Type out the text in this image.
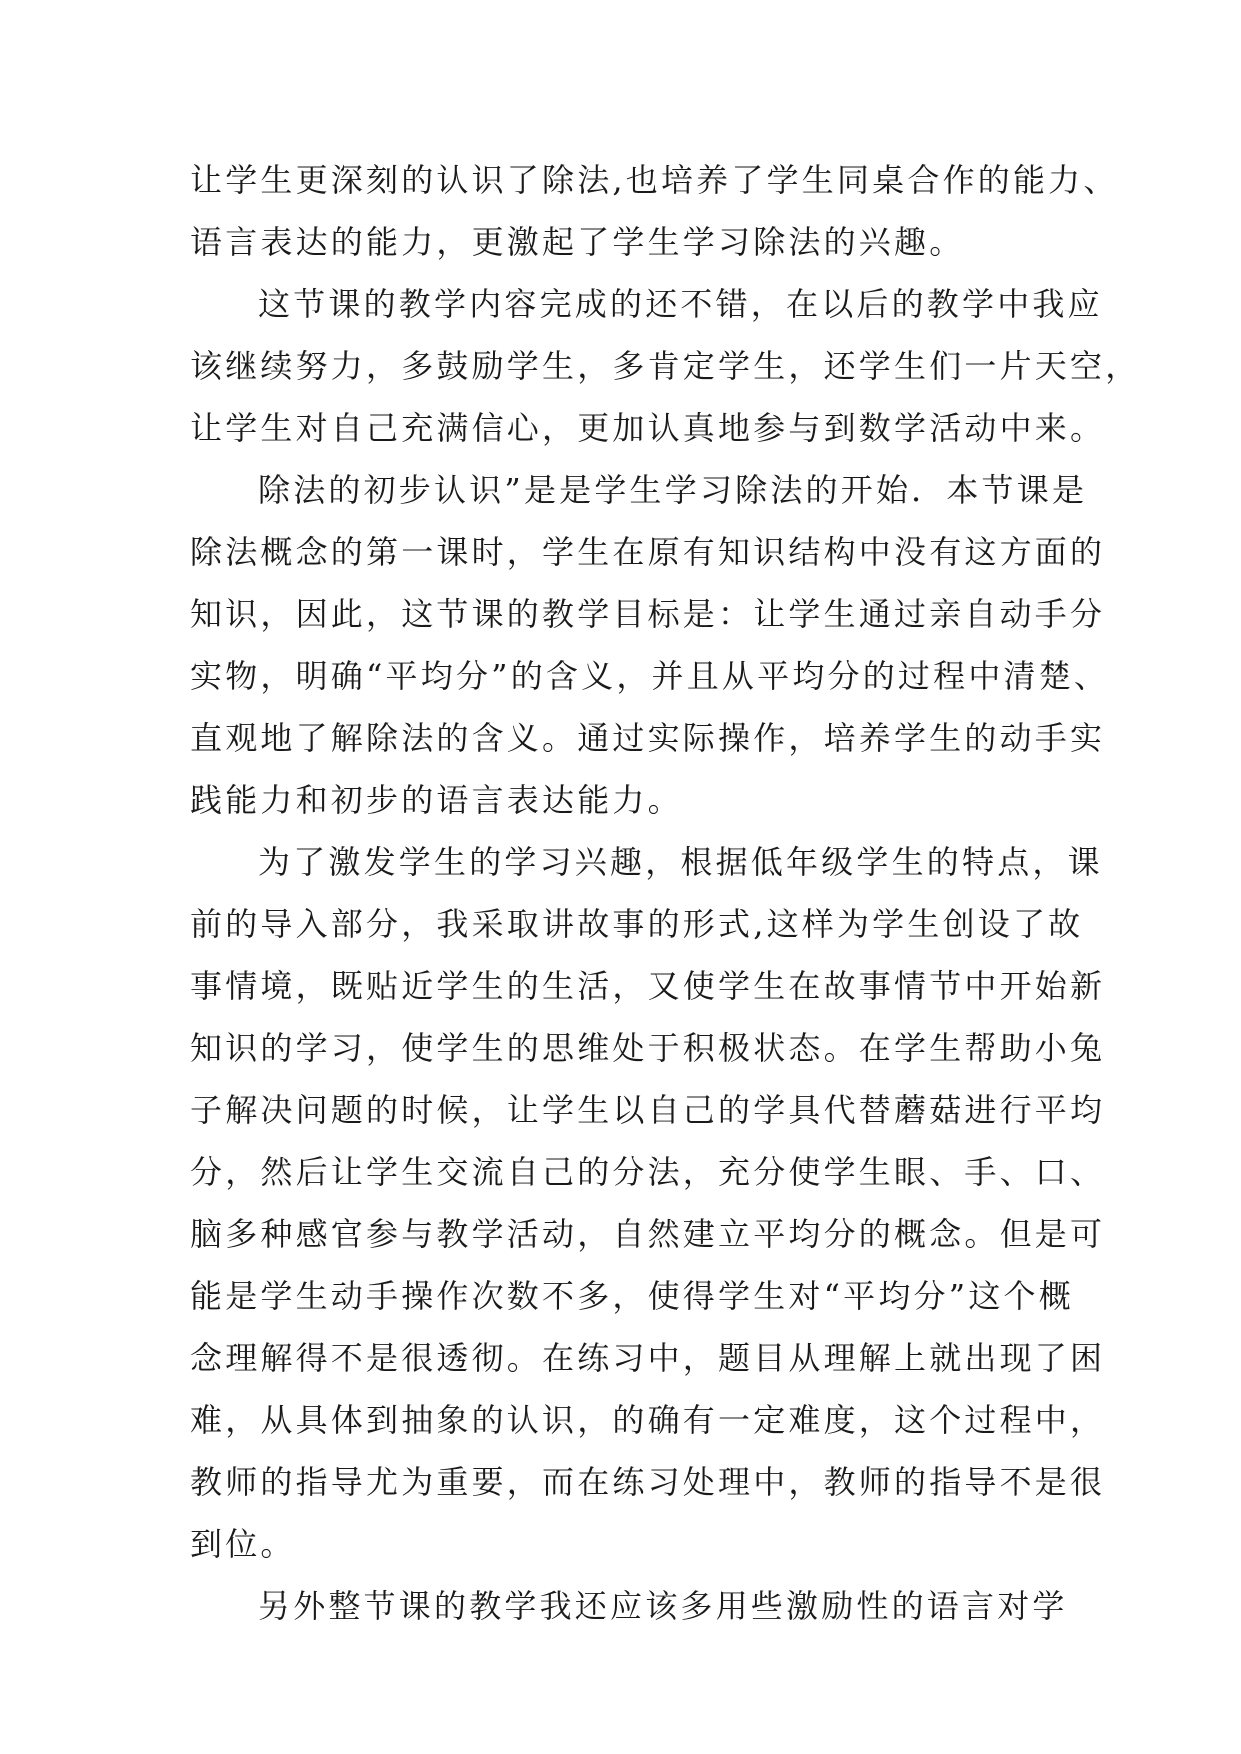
让学生更深刻的认识了除法,也培养了学生同桌合作的能力、
语言表达的能力，更激起了学生学习除法的兴趣。
这节课的教学内容完成的还不错，在以后的教学中我应
该继续努力，多鼓励学生，多肯定学生，还学生们一片天空，
让学生对自己充满信心，更加认真地参与到数学活动中来。
除法的初步认识”是是学生学习除法的开始．本节课是
除法概念的第一课时，学生在原有知识结构中没有这方面的
知识，因此，这节课的教学目标是：让学生通过亲自动手分
实物，明确“平均分”的含义，并且从平均分的过程中清楚、
直观地了解除法的含义。通过实际操作，培养学生的动手实
践能力和初步的语言表达能力。
为了激发学生的学习兴趣，根据低年级学生的特点，课
前的导入部分，我采取讲故事的形式,这样为学生创设了故
事情境，既贴近学生的生活，又使学生在故事情节中开始新
知识的学习，使学生的思维处于积极状态。在学生帮助小兔
子解决问题的时候，让学生以自己的学具代替蘑菇进行平均
分，然后让学生交流自己的分法，充分使学生眼、手、口、
脑多种感官参与教学活动，自然建立平均分的概念。但是可
能是学生动手操作次数不多，使得学生对“平均分”这个概
念理解得不是很透彻。在练习中，题目从理解上就出现了困
难，从具体到抽象的认识，的确有一定难度，这个过程中，
教师的指导尤为重要，而在练习处理中，教师的指导不是很
到位。
另外整节课的教学我还应该多用些激励性的语言对学
